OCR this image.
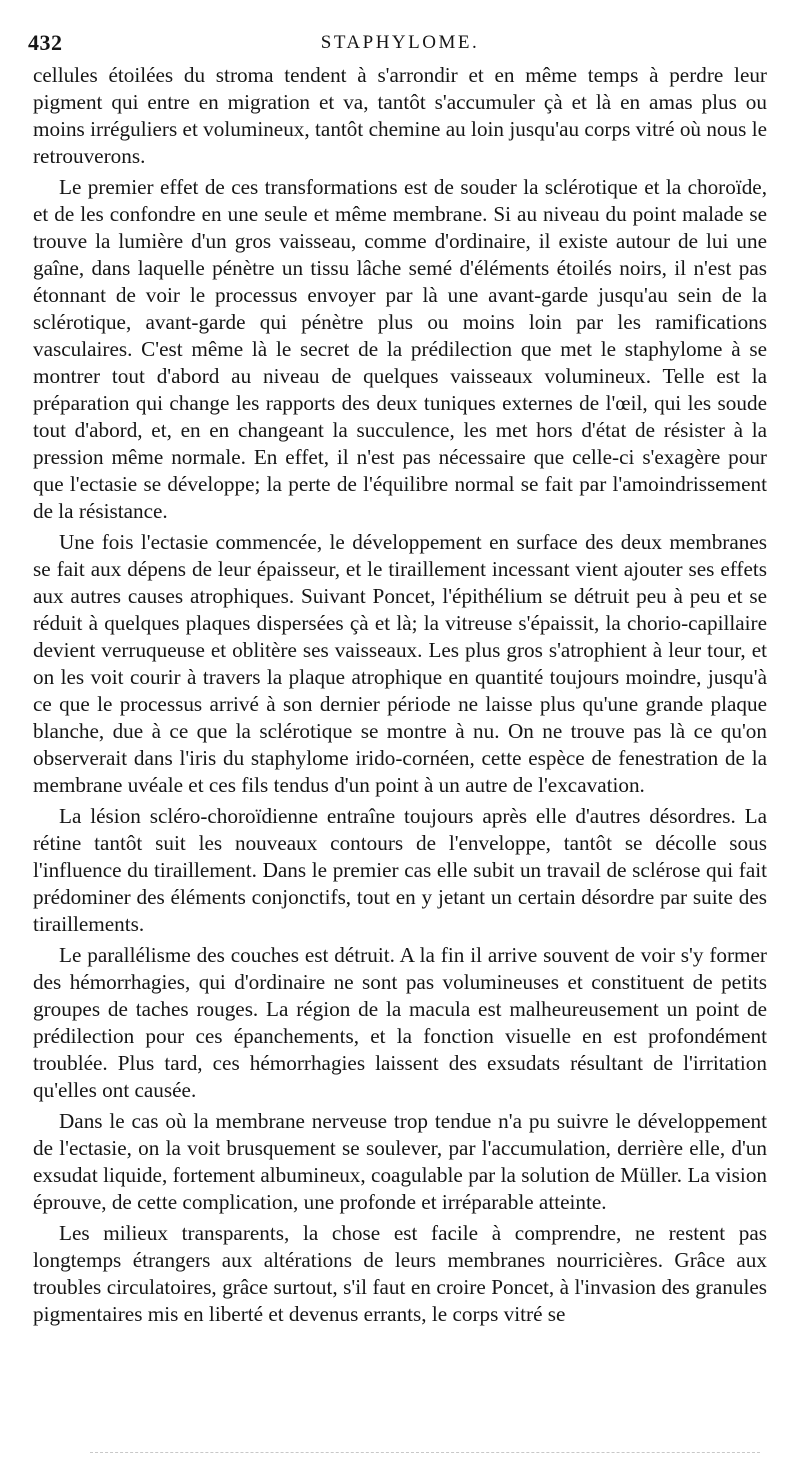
432	STAPHYLOME.

cellules étoilées du stroma tendent à s'arrondir et en même temps à perdre leur pigment qui entre en migration et va, tantôt s'accumuler çà et là en amas plus ou moins irréguliers et volumineux, tantôt chemine au loin jusqu'au corps vitré où nous le retrouverons.

Le premier effet de ces transformations est de souder la sclérotique et la choroïde, et de les confondre en une seule et même membrane. Si au niveau du point malade se trouve la lumière d'un gros vaisseau, comme d'ordinaire, il existe autour de lui une gaîne, dans laquelle pénètre un tissu lâche semé d'éléments étoilés noirs, il n'est pas étonnant de voir le processus envoyer par là une avant-garde jusqu'au sein de la sclérotique, avant-garde qui pénètre plus ou moins loin par les ramifications vasculaires. C'est même là le secret de la prédilection que met le staphylome à se montrer tout d'abord au niveau de quelques vaisseaux volumineux. Telle est la préparation qui change les rapports des deux tuniques externes de l'œil, qui les soude tout d'abord, et, en en changeant la succulence, les met hors d'état de résister à la pression même normale. En effet, il n'est pas nécessaire que celle-ci s'exagère pour que l'ectasie se développe; la perte de l'équilibre normal se fait par l'amoindrissement de la résistance.

Une fois l'ectasie commencée, le développement en surface des deux membranes se fait aux dépens de leur épaisseur, et le tiraillement incessant vient ajouter ses effets aux autres causes atrophiques. Suivant Poncet, l'épithélium se détruit peu à peu et se réduit à quelques plaques dispersées çà et là; la vitreuse s'épaissit, la chorio-capillaire devient verruqueuse et oblitère ses vaisseaux. Les plus gros s'atrophient à leur tour, et on les voit courir à travers la plaque atrophique en quantité toujours moindre, jusqu'à ce que le processus arrivé à son dernier période ne laisse plus qu'une grande plaque blanche, due à ce que la sclérotique se montre à nu. On ne trouve pas là ce qu'on observerait dans l'iris du staphylome irido-cornéen, cette espèce de fenestration de la membrane uvéale et ces fils tendus d'un point à un autre de l'excavation.

La lésion scléro-choroïdienne entraîne toujours après elle d'autres désordres. La rétine tantôt suit les nouveaux contours de l'enveloppe, tantôt se décolle sous l'influence du tiraillement. Dans le premier cas elle subit un travail de sclérose qui fait prédominer des éléments conjonctifs, tout en y jetant un certain désordre par suite des tiraillements.

Le parallélisme des couches est détruit. A la fin il arrive souvent de voir s'y former des hémorrhagies, qui d'ordinaire ne sont pas volumineuses et constituent de petits groupes de taches rouges. La région de la macula est malheureusement un point de prédilection pour ces épanchements, et la fonction visuelle en est profondément troublée. Plus tard, ces hémorrhagies laissent des exsudats résultant de l'irritation qu'elles ont causée.

Dans le cas où la membrane nerveuse trop tendue n'a pu suivre le développement de l'ectasie, on la voit brusquement se soulever, par l'accumulation, derrière elle, d'un exsudat liquide, fortement albumineux, coagulable par la solution de Müller. La vision éprouve, de cette complication, une profonde et irréparable atteinte.

Les milieux transparents, la chose est facile à comprendre, ne restent pas longtemps étrangers aux altérations de leurs membranes nourricières. Grâce aux troubles circulatoires, grâce surtout, s'il faut en croire Poncet, à l'invasion des granules pigmentaires mis en liberté et devenus errants, le corps vitré se
